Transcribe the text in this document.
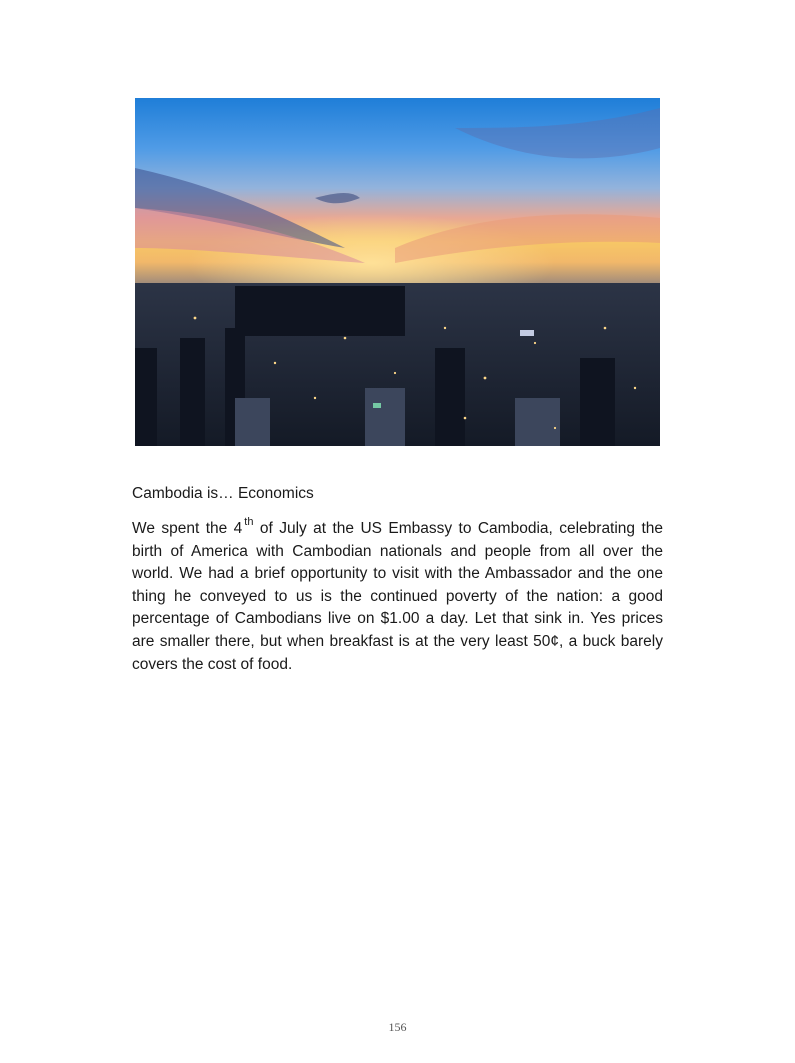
Cambodia is… Economics

We spent the 4 $^{th}$ of July at the US Embassy to Cambodia, celebrating the birth of America with Cambodian nationals and people from all over the world. We had a brief opportunity to visit with the Ambassador and the one thing he conveyed to us is the continued poverty of the nation: a good percentage of Cambodians live on $1.00 a day. Let that sink in. Yes prices are smaller there, but when breakfast is at the very least 50¢, a buck barely covers the cost of food.

156
